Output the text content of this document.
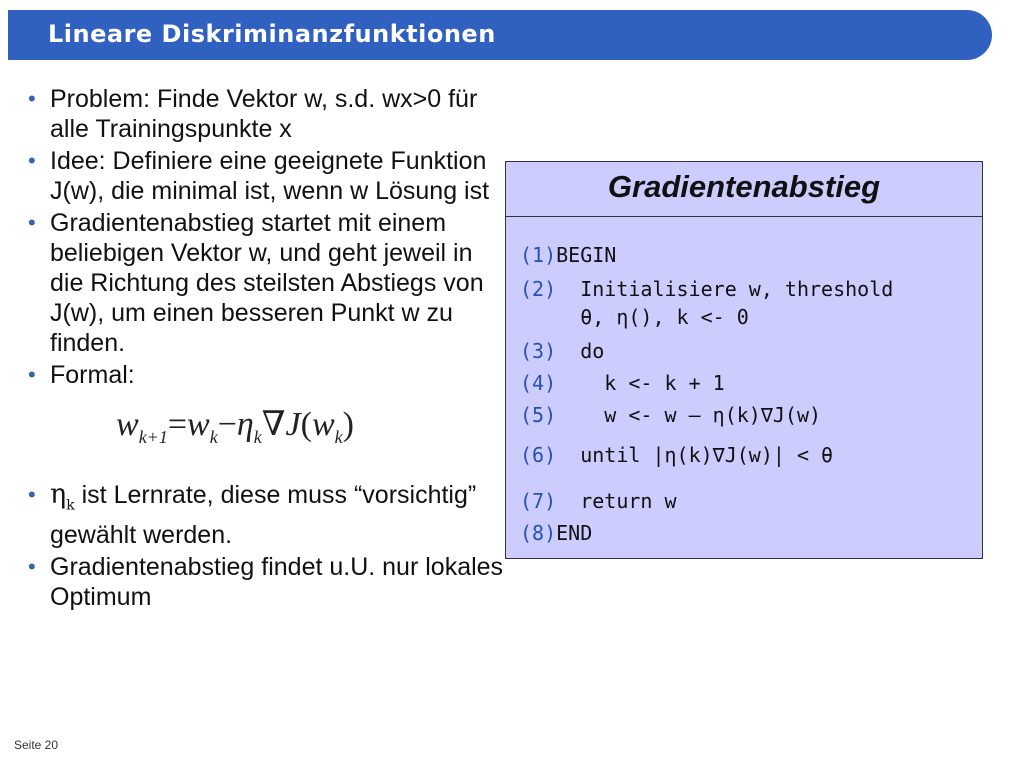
Lineare Diskriminanzfunktionen
• Problem: Finde Vektor w, s.d. wx>0 für alle Trainingspunkte x
• Idee: Definiere eine geeignete Funktion J(w), die minimal ist, wenn w Lösung ist
• Gradientenabstieg startet mit einem beliebigen Vektor w, und geht jeweil in die Richtung des steilsten Abstiegs von J(w), um einen besseren Punkt w zu finden.
• Formal:
$w_{k+1}=w_k-\eta_k\nabla J(w_k)$
• $\eta_k$ ist Lernrate, diese muss “vorsichtig” gewählt werden.
• Gradientenabstieg findet u.U. nur lokales Optimum
Gradientenabstieg
(1)BEGIN
(2)  Initialisiere w, threshold
θ, η(), k <- 0
(3)  do
(4)    k <- k + 1
(5)    w <- w – η(k)∇J(w)
(6)  until |η(k)∇J(w)| < θ
(7)  return w
(8)END
Seite 20
